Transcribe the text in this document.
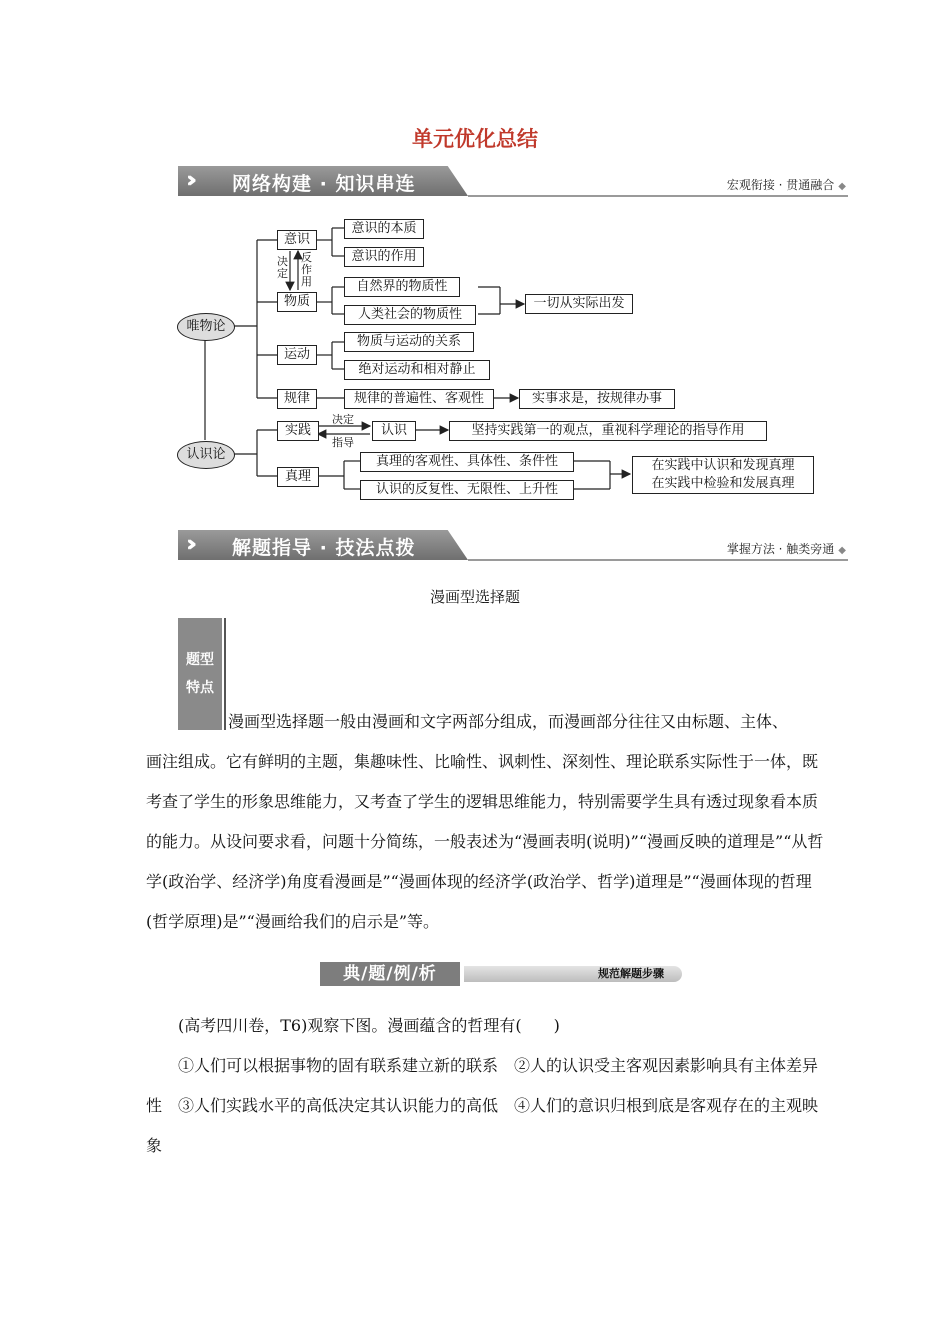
单元优化总结
››› 网络构建 · 知识串连	宏观衔接 · 贯通融合 ◆
唯物论
认识论
意识
意识的本质
意识的作用
决定
反作用
物质
自然界的物质性
人类社会的物质性
一切从实际出发
运动
物质与运动的关系
绝对运动和相对静止
规律	规律的普遍性、客观性	实事求是，按规律办事
实践
决定
指导
认识	坚持实践第一的观点，重视科学理论的指导作用
真理
真理的客观性、具体性、条件性
认识的反复性、无限性、上升性
在实践中认识和发现真理
在实践中检验和发展真理
››› 解题指导 · 技法点拨	掌握方法 · 触类旁通 ◆
漫画型选择题
题型
特点
漫画型选择题一般由漫画和文字两部分组成，而漫画部分往往又由标题、主体、
画注组成。它有鲜明的主题，集趣味性、比喻性、讽刺性、深刻性、理论联系实际性于一体，既考查了学生的形象思维能力，又考查了学生的逻辑思维能力，特别需要学生具有透过现象看本质的能力。从设问要求看，问题十分简练，一般表述为“漫画表明(说明)”“漫画反映的道理是”“从哲学(政治学、经济学)角度看漫画是”“漫画体现的经济学(政治学、哲学)道理是”“漫画体现的哲理(哲学原理)是”“漫画给我们的启示是”等。
典/题/例/析	规范解题步骤
(高考四川卷，T6)观察下图。漫画蕴含的哲理有(　　)
①人们可以根据事物的固有联系建立新的联系　②人的认识受主客观因素影响具有主体差异性　③人们实践水平的高低决定其认识能力的高低　④人们的意识归根到底是客观存在的主观映象
